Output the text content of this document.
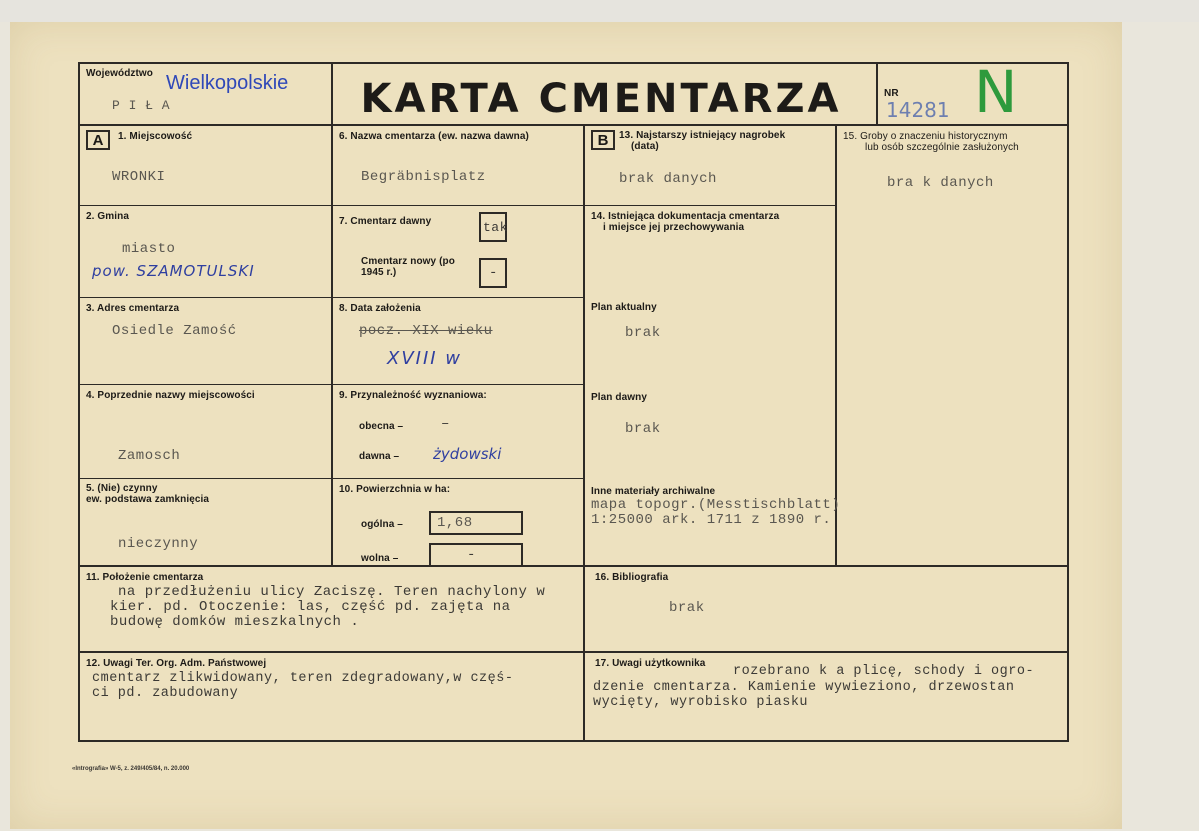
Województwo Wielkopolskie
P I Ł A	KARTA CMENTARZA	NR
14281 N
A	1. Miejscowość
WRONKI
2. Gmina
miasto
pow. SZAMOTULSKI
3. Adres cmentarza
Osiedle Zamość
4. Poprzednie nazwy miejscowości
Zamosch
5. (Nie) czynny
ew. podstawa zamknięcia
nieczynny
6. Nazwa cmentarza (ew. nazwa dawna)
Begräbnisplatz
7. Cmentarz dawny	tak
Cmentarz nowy (po 1945 r.)	-
8. Data założenia
pocz. XIX wieku
XVIII w
9. Przynależność wyznaniowa:
obecna –	–
dawna – żydowski
10. Powierzchnia w ha:
ogólna – 1,68
wolna –	-
B	13. Najstarszy istniejący nagrobek
(data)
brak danych
14. Istniejąca dokumentacja cmentarza
i miejsce jej przechowywania
Plan aktualny
brak
Plan dawny
brak
Inne materiały archiwalne
mapa topogr.(Messtischblatt)
1:25000 ark. 1711 z 1890 r.
15. Groby o znaczeniu historycznym
lub osób szczególnie zasłużonych
bra k danych
11. Położenie cmentarza
na przedłużeniu ulicy Zaciszę. Teren nachylony w
kier. pd. Otoczenie: las, część pd. zajęta na
budowę domków mieszkalnych .
16. Bibliografia
brak
12. Uwagi Ter. Org. Adm. Państwowej
cmentarz zlikwidowany, teren zdegradowany,w częś-
ci pd. zabudowany
17. Uwagi użytkownika
rozebrano k a plicę, schody i ogro-
dzenie cmentarza. Kamienie wywieziono, drzewostan
wycięty, wyrobisko piasku
«Intrografia» W-5, z. 249/405/84, n. 20.000
